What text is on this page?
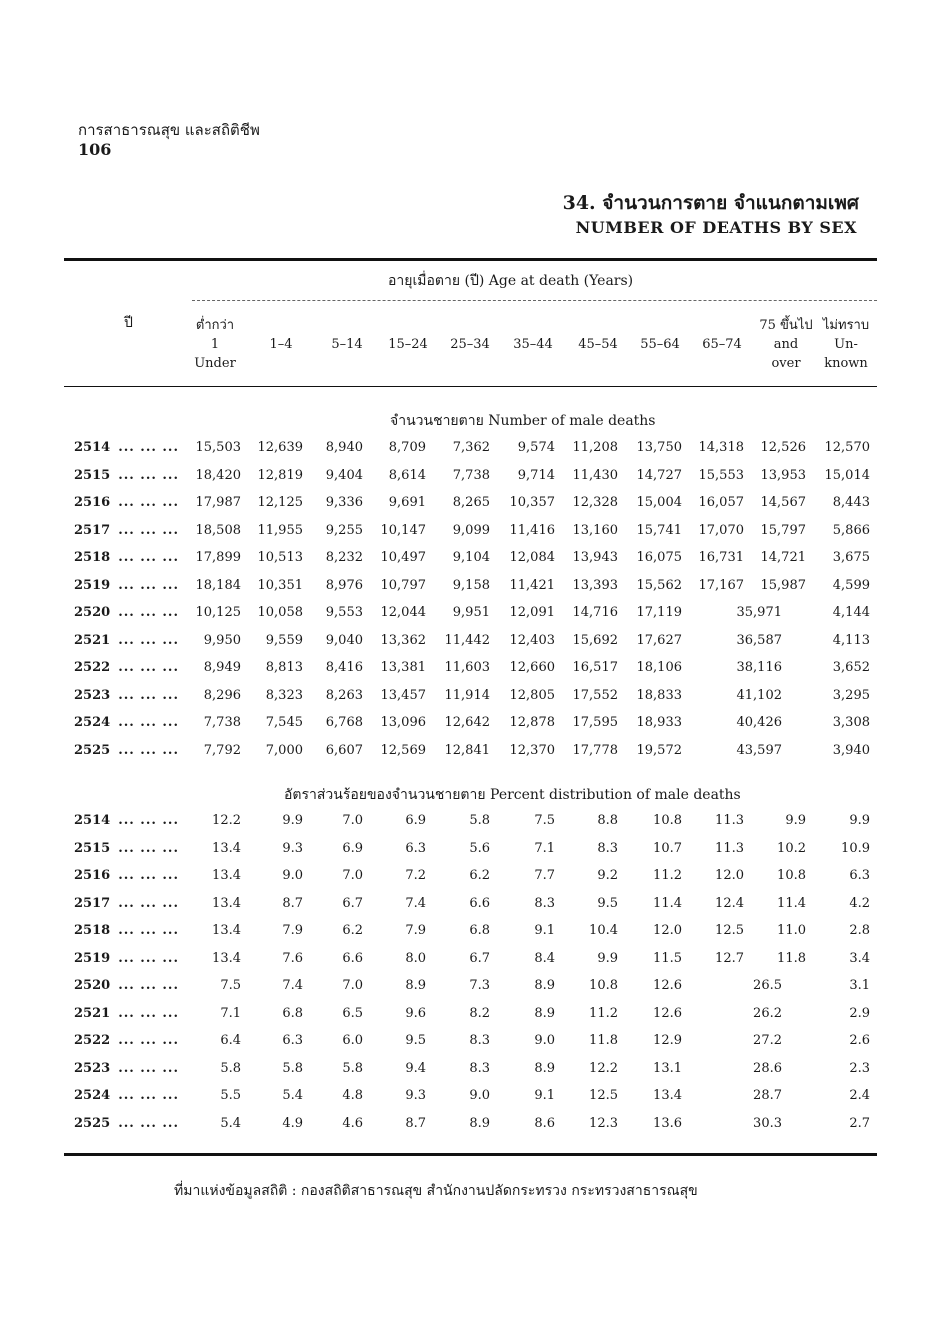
การสาธารณสุข และสถิติชีพ
106
34. จำนวนการตาย จำแนกตามเพศ
NUMBER OF DEATHS BY SEX
ปี
อายุเมื่อตาย (ปี) Age at death (Years)
ต่ำกว่า
1
Under
1–4	5–14	15–24	25–34	35–44	45–54	55–64	65–74
75 ขึ้นไป
and
over
ไม่ทราบ
Un-
known
จำนวนชายตาย Number of male deaths
2514 ... ... ...	15,503	12,639	8,940	8,709	7,362	9,574	11,208	13,750	14,318	12,526	12,570
2515 ... ... ...	18,420	12,819	9,404	8,614	7,738	9,714	11,430	14,727	15,553	13,953	15,014
2516 ... ... ...	17,987	12,125	9,336	9,691	8,265	10,357	12,328	15,004	16,057	14,567	8,443
2517 ... ... ...	18,508	11,955	9,255	10,147	9,099	11,416	13,160	15,741	17,070	15,797	5,866
2518 ... ... ...	17,899	10,513	8,232	10,497	9,104	12,084	13,943	16,075	16,731	14,721	3,675
2519 ... ... ...	18,184	10,351	8,976	10,797	9,158	11,421	13,393	15,562	17,167	15,987	4,599
2520 ... ... ...	10,125	10,058	9,553	12,044	9,951	12,091	14,716	17,119	35,971	4,144
2521 ... ... ...	9,950	9,559	9,040	13,362	11,442	12,403	15,692	17,627	36,587	4,113
2522 ... ... ...	8,949	8,813	8,416	13,381	11,603	12,660	16,517	18,106	38,116	3,652
2523 ... ... ...	8,296	8,323	8,263	13,457	11,914	12,805	17,552	18,833	41,102	3,295
2524 ... ... ...	7,738	7,545	6,768	13,096	12,642	12,878	17,595	18,933	40,426	3,308
2525 ... ... ...	7,792	7,000	6,607	12,569	12,841	12,370	17,778	19,572	43,597	3,940
อัตราส่วนร้อยของจำนวนชายตาย Percent distribution of male deaths
2514 ... ... ...	12.2	9.9	7.0	6.9	5.8	7.5	8.8	10.8	11.3	9.9	9.9
2515 ... ... ...	13.4	9.3	6.9	6.3	5.6	7.1	8.3	10.7	11.3	10.2	10.9
2516 ... ... ...	13.4	9.0	7.0	7.2	6.2	7.7	9.2	11.2	12.0	10.8	6.3
2517 ... ... ...	13.4	8.7	6.7	7.4	6.6	8.3	9.5	11.4	12.4	11.4	4.2
2518 ... ... ...	13.4	7.9	6.2	7.9	6.8	9.1	10.4	12.0	12.5	11.0	2.8
2519 ... ... ...	13.4	7.6	6.6	8.0	6.7	8.4	9.9	11.5	12.7	11.8	3.4
2520 ... ... ...	7.5	7.4	7.0	8.9	7.3	8.9	10.8	12.6	26.5	3.1
2521 ... ... ...	7.1	6.8	6.5	9.6	8.2	8.9	11.2	12.6	26.2	2.9
2522 ... ... ...	6.4	6.3	6.0	9.5	8.3	9.0	11.8	12.9	27.2	2.6
2523 ... ... ...	5.8	5.8	5.8	9.4	8.3	8.9	12.2	13.1	28.6	2.3
2524 ... ... ...	5.5	5.4	4.8	9.3	9.0	9.1	12.5	13.4	28.7	2.4
2525 ... ... ...	5.4	4.9	4.6	8.7	8.9	8.6	12.3	13.6	30.3	2.7
ที่มาแห่งข้อมูลสถิติ : กองสถิติสาธารณสุข สำนักงานปลัดกระทรวง กระทรวงสาธารณสุข
